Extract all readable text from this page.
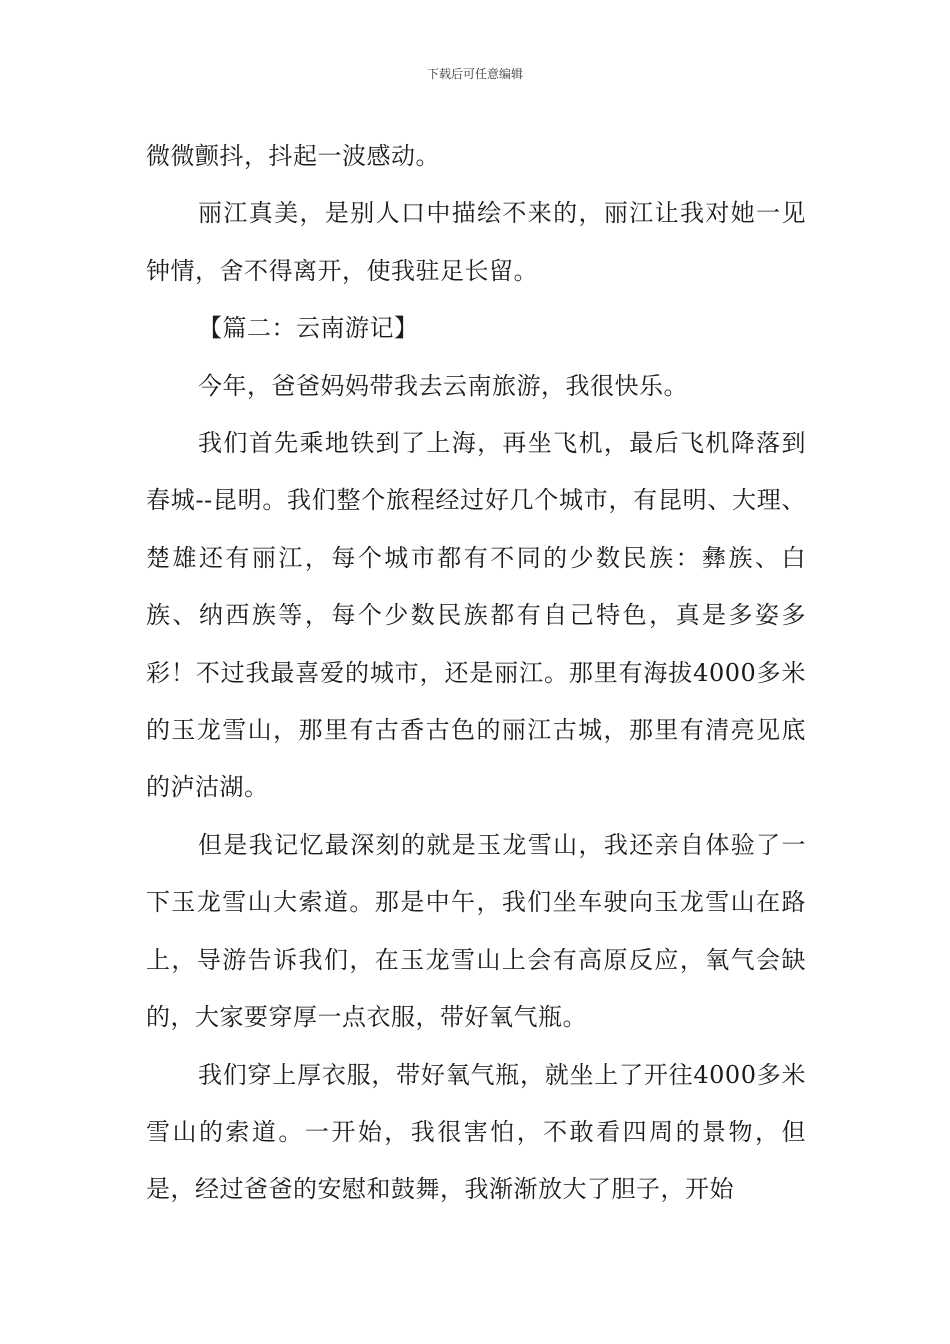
下载后可任意编辑

微微颤抖，抖起一波感动。

丽江真美，是别人口中描绘不来的，丽江让我对她一见钟情，舍不得离开，使我驻足长留。

【篇二：云南游记】

今年，爸爸妈妈带我去云南旅游，我很快乐。

我们首先乘地铁到了上海，再坐飞机，最后飞机降落到春城--昆明。我们整个旅程经过好几个城市，有昆明、大理、楚雄还有丽江，每个城市都有不同的少数民族：彝族、白族、纳西族等，每个少数民族都有自己特色，真是多姿多彩！不过我最喜爱的城市，还是丽江。那里有海拔4000多米的玉龙雪山，那里有古香古色的丽江古城，那里有清亮见底的泸沽湖。

但是我记忆最深刻的就是玉龙雪山，我还亲自体验了一下玉龙雪山大索道。那是中午，我们坐车驶向玉龙雪山在路上，导游告诉我们，在玉龙雪山上会有高原反应，氧气会缺的，大家要穿厚一点衣服，带好氧气瓶。

我们穿上厚衣服，带好氧气瓶，就坐上了开往4000多米雪山的索道。一开始，我很害怕，不敢看四周的景物，但是，经过爸爸的安慰和鼓舞，我渐渐放大了胆子，开始
